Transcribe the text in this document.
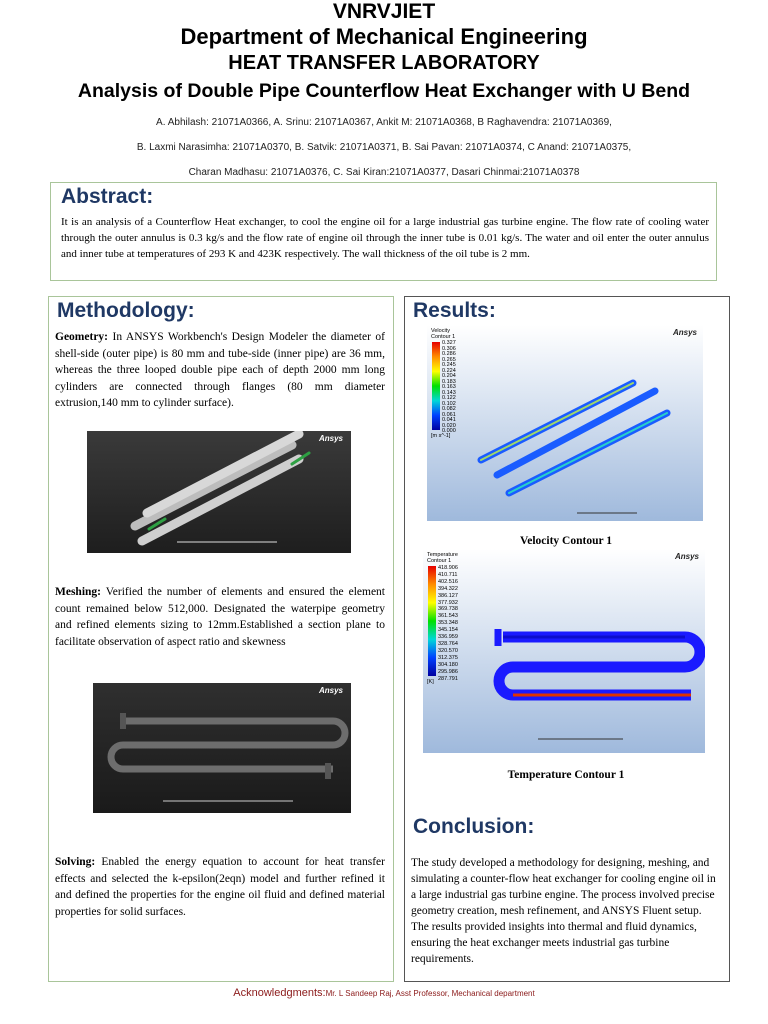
VNRVJIET
Department of Mechanical Engineering
HEAT TRANSFER LABORATORY
Analysis of Double Pipe Counterflow Heat Exchanger with U Bend
A. Abhilash: 21071A0366, A. Srinu: 21071A0367, Ankit M: 21071A0368, B Raghavendra: 21071A0369,
B. Laxmi Narasimha: 21071A0370, B. Satvik: 21071A0371, B. Sai Pavan: 21071A0374, C Anand: 21071A0375,
Charan Madhasu: 21071A0376, C. Sai Kiran:21071A0377, Dasari Chinmai:21071A0378
Abstract:
It is an analysis of a Counterflow Heat exchanger, to cool the engine oil for a large industrial gas turbine engine. The flow rate of cooling water through the outer annulus is 0.3 kg/s and the flow rate of engine oil through the inner tube is 0.01 kg/s. The water and oil enter the outer annulus and inner tube at temperatures of 293 K and 423K respectively. The wall thickness of the oil tube is 2 mm.
Methodology:
Geometry: In ANSYS Workbench's Design Modeler the diameter of shell-side (outer pipe) is 80 mm and tube-side (inner pipe) are 36 mm, whereas the three looped double pipe each of depth 2000 mm long cylinders are connected through flanges (80 mm diameter extrusion,140 mm to cylinder surface).
Ansys
Meshing: Verified the number of elements and ensured the element count remained below 512,000. Designated the waterpipe geometry and refined elements sizing to 12mm.Established a section plane to facilitate observation of aspect ratio and skewness
Ansys
Solving: Enabled the energy equation to account for heat transfer effects and selected the k-epsilon(2eqn) model and further refined it and defined the properties for the engine oil fluid and defined material properties for solid surfaces.
Results:
Velocity
Contour 1
0.327
0.306
0.286
0.265
0.245
0.224
0.204
0.183
0.163
0.143
0.122
0.102
0.082
0.061
0.041
0.020
0.000
[m s^-1]
Ansys
Velocity Contour 1
Temperature
Contour 1
418.906
410.711
402.516
394.322
386.127
377.932
369.738
361.543
353.348
345.154
336.959
328.764
320.570
312.375
304.180
295.986
287.791
[K]
Ansys
Temperature Contour 1
Conclusion:
The study developed a methodology for designing, meshing, and simulating a counter-flow heat exchanger for cooling engine oil in a large industrial gas turbine engine. The process involved precise geometry creation, mesh refinement, and ANSYS Fluent setup. The results provided insights into thermal and fluid dynamics, ensuring the heat exchanger meets industrial gas turbine requirements.
Acknowledgments:Mr. L Sandeep Raj, Asst Professor, Mechanical department
